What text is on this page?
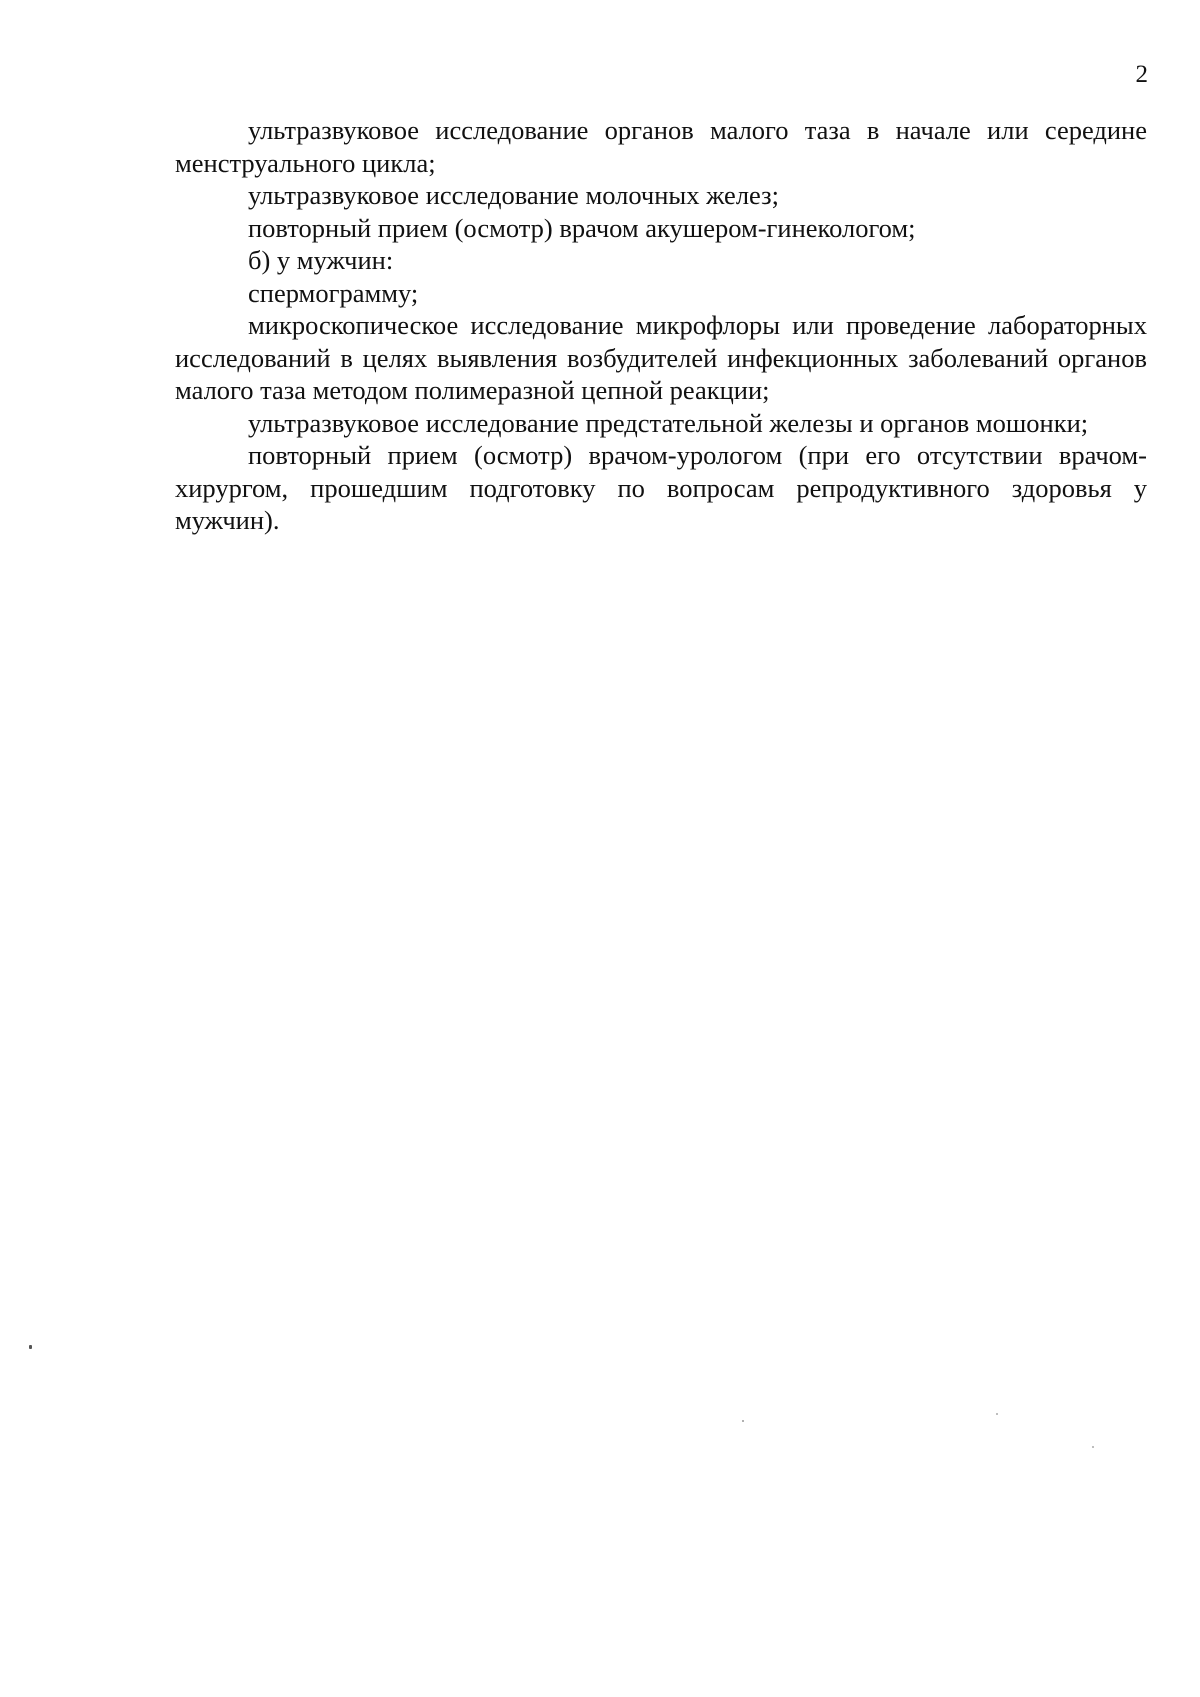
2

ультразвуковое исследование органов малого таза в начале или середине менструального цикла;

ультразвуковое исследование молочных желез;

повторный прием (осмотр) врачом акушером-гинекологом;

б) у мужчин:

спермограмму;

микроскопическое исследование микрофлоры или проведение лабораторных исследований в целях выявления возбудителей инфекционных заболеваний органов малого таза методом полимеразной цепной реакции;

ультразвуковое исследование предстательной железы и органов мошонки;

повторный прием (осмотр) врачом-урологом (при его отсутствии врачом-хирургом, прошедшим подготовку по вопросам репродуктивного здоровья у мужчин).
